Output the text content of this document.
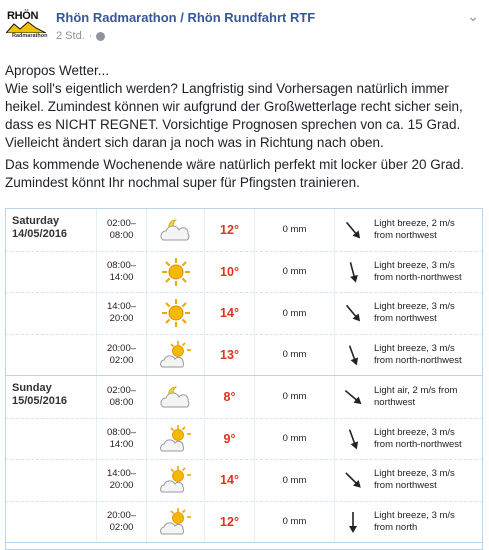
RHÖN
Radmarathon
Rhön Radmarathon / Rhön Rundfahrt RTF
2 Std. ·
⌄

Apropos Wetter...
Wie soll's eigentlich werden? Langfristig sind Vorhersagen natürlich immer heikel. Zumindest können wir aufgrund der Großwetterlage recht sicher sein, dass es NICHT REGNET. Vorsichtige Prognosen sprechen von ca. 15 Grad. Vielleicht ändert sich daran ja noch was in Richtung nach oben.

Das kommende Wochenende wäre natürlich perfekt mit locker über 20 Grad. Zumindest könnt Ihr nochmal super für Pfingsten trainieren.

Saturday
14/05/2016
02:00–
08:00	12°	0 mm
Light breeze, 2 m/s
from northwest
08:00–
14:00	10°	0 mm
Light breeze, 3 m/s
from north-northwest
14:00–
20:00	14°	0 mm
Light breeze, 3 m/s
from northwest
20:00–
02:00	13°	0 mm
Light breeze, 3 m/s
from north-northwest
Sunday
15/05/2016
02:00–
08:00	8°	0 mm
Light air, 2 m/s from
northwest
08:00–
14:00	9°	0 mm
Light breeze, 3 m/s
from north-northwest
14:00–
20:00	14°	0 mm
Light breeze, 3 m/s
from northwest
20:00–
02:00	12°	0 mm
Light breeze, 3 m/s
from north
